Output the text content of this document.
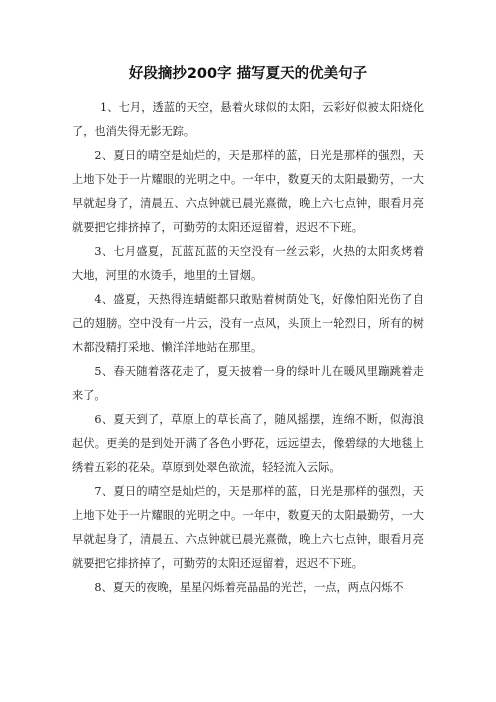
好段摘抄200字 描写夏天的优美句子

1、七月，透蓝的天空，悬着火球似的太阳，云彩好似被太阳烧化了，也消失得无影无踪。

2、夏日的晴空是灿烂的，天是那样的蓝，日光是那样的强烈，天上地下处于一片耀眼的光明之中。一年中，数夏天的太阳最勤劳，一大早就起身了，清晨五、六点钟就已晨光熹微，晚上六七点钟，眼看月亮就要把它排挤掉了，可勤劳的太阳还逗留着，迟迟不下班。

3、七月盛夏，瓦蓝瓦蓝的天空没有一丝云彩，火热的太阳炙烤着大地，河里的水烫手，地里的土冒烟。

4、盛夏，天热得连蜻蜓都只敢贴着树荫处飞，好像怕阳光伤了自己的翅膀。空中没有一片云，没有一点风，头顶上一轮烈日，所有的树木都没精打采地、懒洋洋地站在那里。

5、春天随着落花走了，夏天披着一身的绿叶儿在暖风里蹦跳着走来了。

6、夏天到了，草原上的草长高了，随风摇摆，连绵不断，似海浪起伏。更美的是到处开满了各色小野花，远远望去，像碧绿的大地毯上绣着五彩的花朵。草原到处翠色欲流，轻轻流入云际。

7、夏日的晴空是灿烂的，天是那样的蓝，日光是那样的强烈，天上地下处于一片耀眼的光明之中。一年中，数夏天的太阳最勤劳，一大早就起身了，清晨五、六点钟就已晨光熹微，晚上六七点钟，眼看月亮就要把它排挤掉了，可勤劳的太阳还逗留着，迟迟不下班。

8、夏天的夜晚，星星闪烁着亮晶晶的光芒，一点，两点闪烁不
